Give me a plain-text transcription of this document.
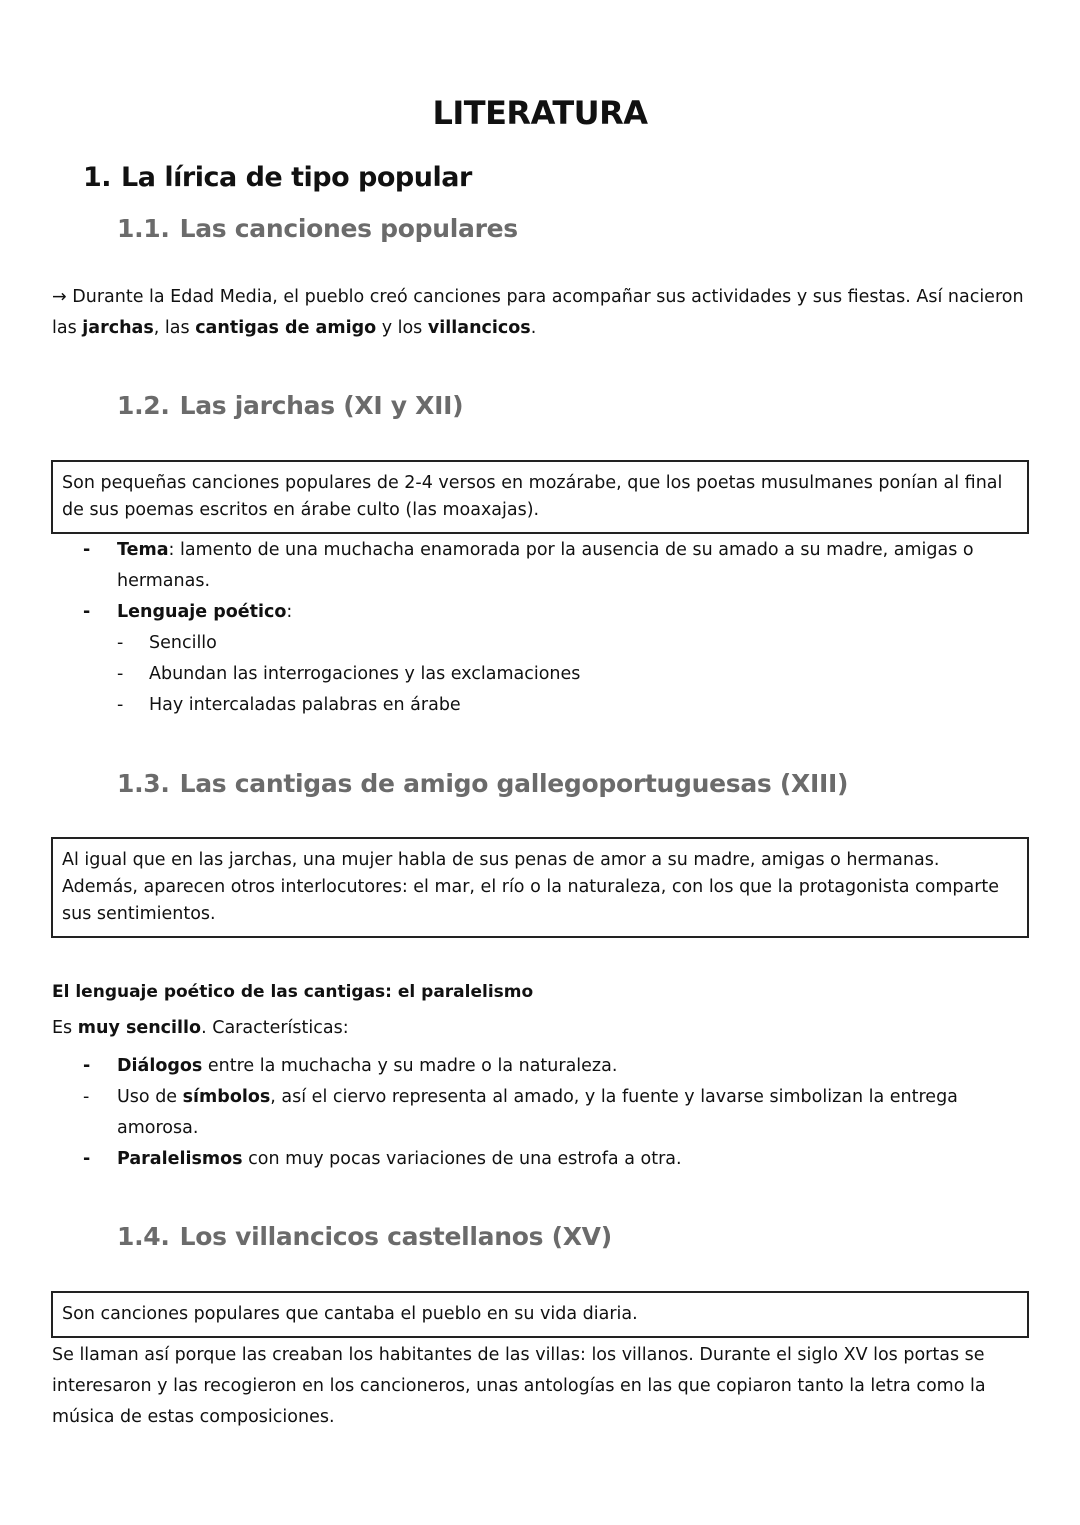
LITERATURA
1. La lírica de tipo popular
1.1. Las canciones populares

→ Durante la Edad Media, el pueblo creó canciones para acompañar sus actividades y sus fiestas. Así nacieron las jarchas, las cantigas de amigo y los villancicos.

1.2. Las jarchas (XI y XII)
Son pequeñas canciones populares de 2-4 versos en mozárabe, que los poetas musulmanes ponían al final de sus poemas escritos en árabe culto (las moaxajas).
- Tema: lamento de una muchacha enamorada por la ausencia de su amado a su madre, amigas o hermanas.
- Lenguaje poético:
- Sencillo
- Abundan las interrogaciones y las exclamaciones
- Hay intercaladas palabras en árabe
1.3. Las cantigas de amigo gallegoportuguesas (XIII)
Al igual que en las jarchas, una mujer habla de sus penas de amor a su madre, amigas o hermanas. Además, aparecen otros interlocutores: el mar, el río o la naturaleza, con los que la protagonista comparte sus sentimientos.

El lenguaje poético de las cantigas: el paralelismo

Es muy sencillo. Características:

- Diálogos entre la muchacha y su madre o la naturaleza.
- Uso de símbolos, así el ciervo representa al amado, y la fuente y lavarse simbolizan la entrega amorosa.
- Paralelismos con muy pocas variaciones de una estrofa a otra.
1.4. Los villancicos castellanos (XV)
Son canciones populares que cantaba el pueblo en su vida diaria.

Se llaman así porque las creaban los habitantes de las villas: los villanos. Durante el siglo XV los portas se interesaron y las recogieron en los cancioneros, unas antologías en las que copiaron tanto la letra como la música de estas composiciones.
